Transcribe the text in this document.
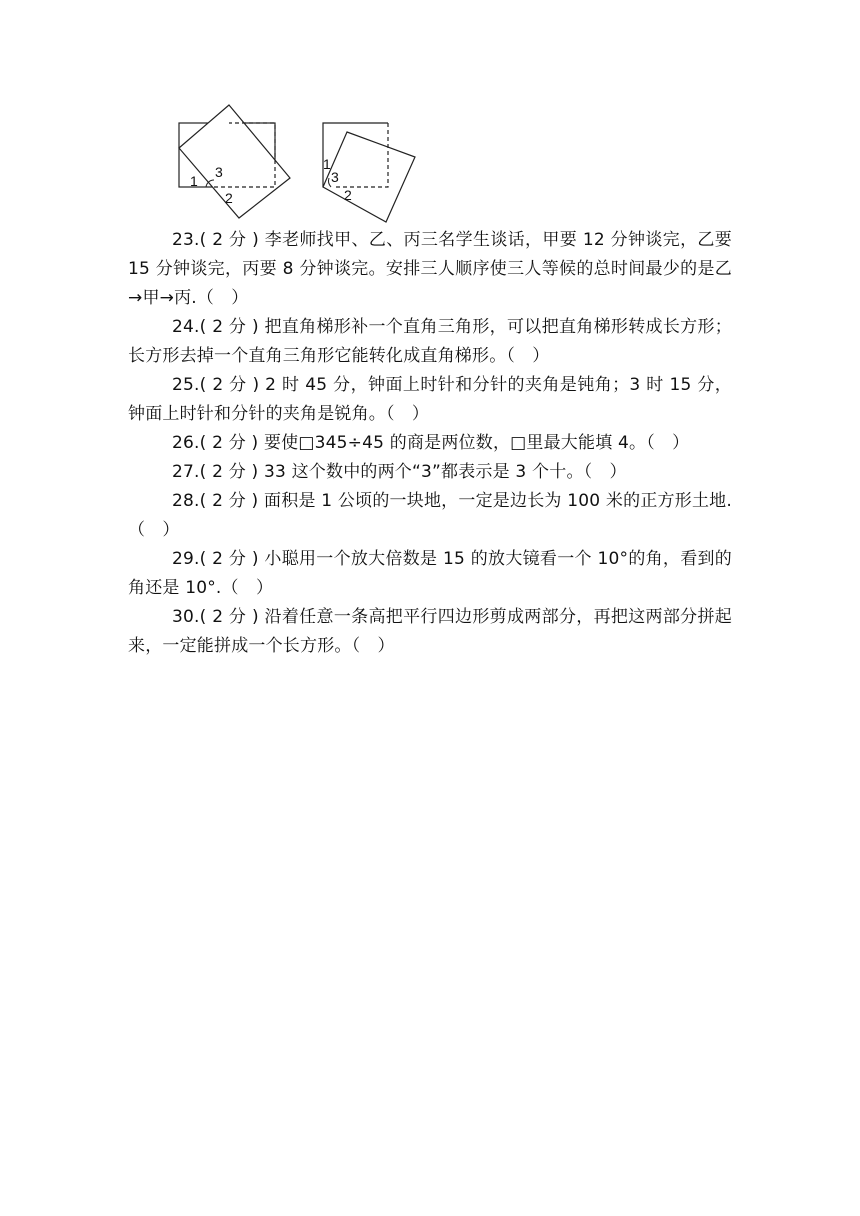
1
3
2
1
3
2

23.( 2 分 ) 李老师找甲、乙、丙三名学生谈话，甲要 12 分钟谈完，乙要 15 分钟谈完，丙要 8 分钟谈完。安排三人顺序使三人等候的总时间最少的是乙→甲→丙.（　）

24.( 2 分 ) 把直角梯形补一个直角三角形，可以把直角梯形转成长方形；长方形去掉一个直角三角形它能转化成直角梯形。（　）

25.( 2 分 ) 2 时 45 分，钟面上时针和分针的夹角是钝角；3 时 15 分，钟面上时针和分针的夹角是锐角。（　）

26.( 2 分 ) 要使□345÷45 的商是两位数，□里最大能填 4。（　）

27.( 2 分 ) 33 这个数中的两个“3”都表示是 3 个十。（　）

28.( 2 分 ) 面积是 1 公顷的一块地，一定是边长为 100 米的正方形土地.（　）

29.( 2 分 ) 小聪用一个放大倍数是 15 的放大镜看一个 10°的角，看到的角还是 10°.（　）

30.( 2 分 ) 沿着任意一条高把平行四边形剪成两部分，再把这两部分拼起来，一定能拼成一个长方形。（　）
